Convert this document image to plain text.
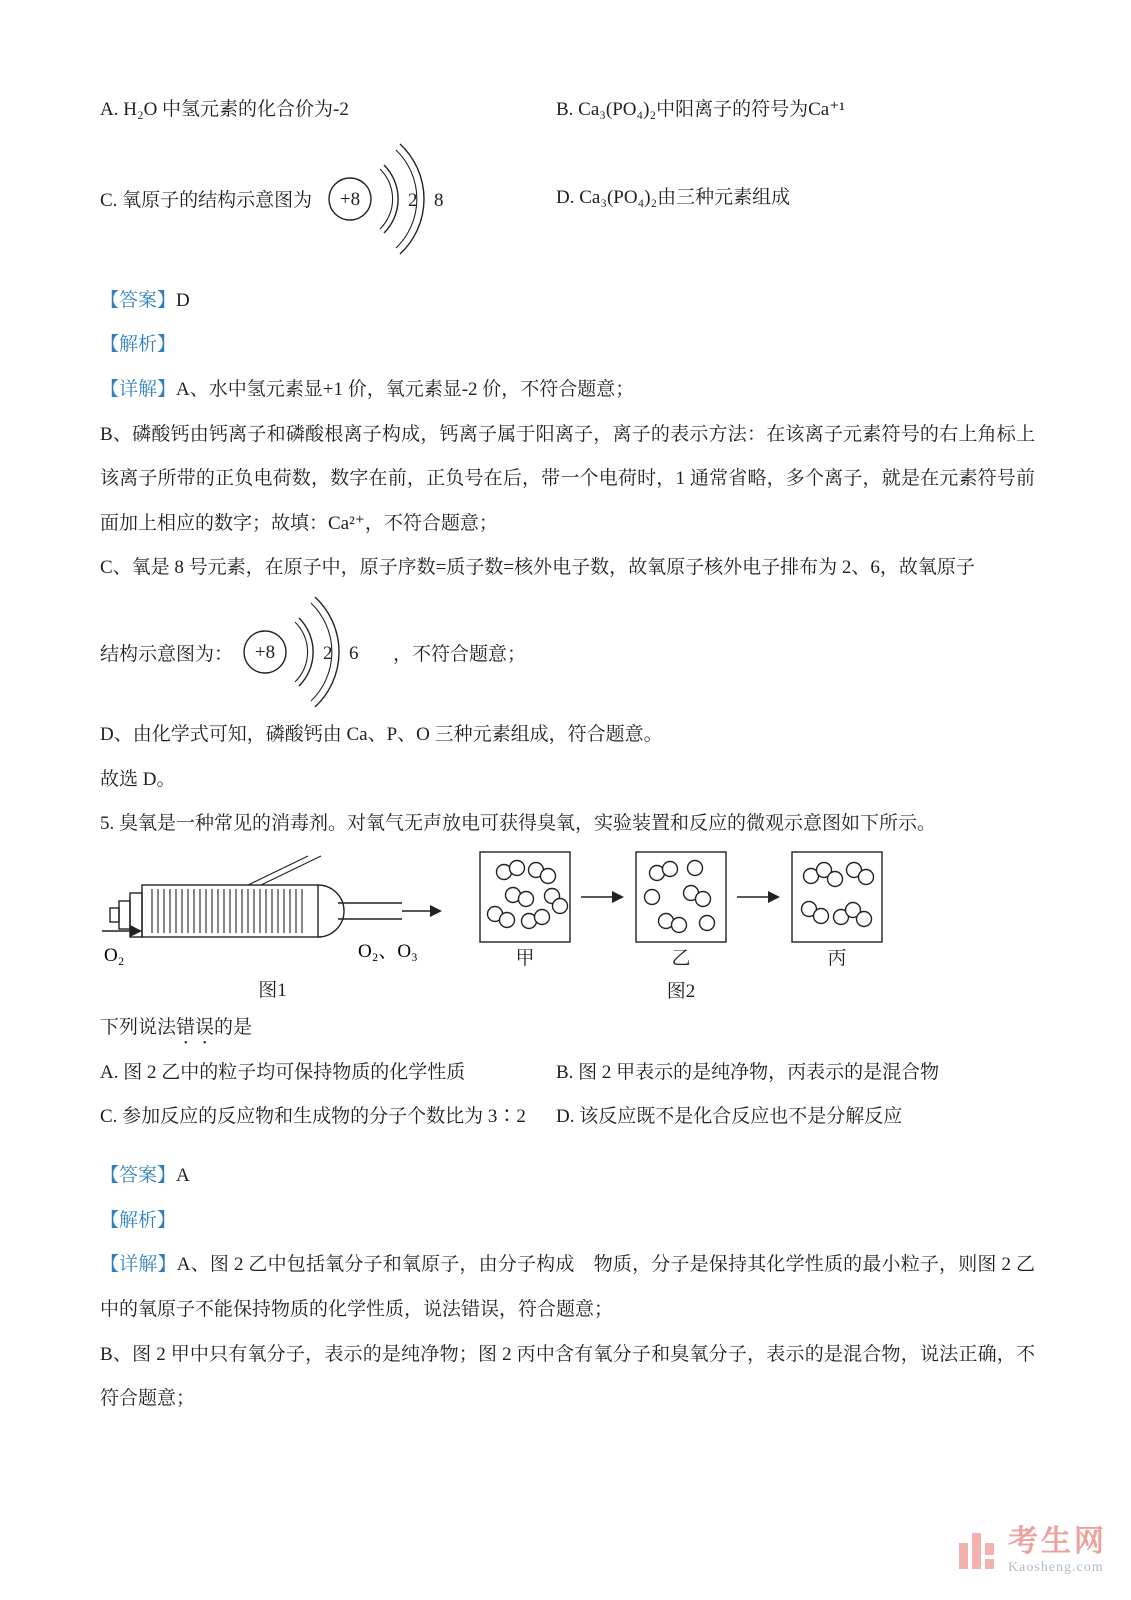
A. H₂O 中氢元素的化合价为-2	B. Ca₃(PO₄)₂中阳离子的符号为Ca⁺¹
C. 氧原子的结构示意图为 +8	2 8	D. Ca₃(PO₄)₂由三种元素组成
【答案】D
【解析】
【详解】A、水中氢元素显+1 价，氧元素显-2 价，不符合题意；
B、磷酸钙由钙离子和磷酸根离子构成，钙离子属于阳离子，离子的表示方法：在该离子元素符号的右上角标上该离子所带的正负电荷数，数字在前，正负号在后，带一个电荷时，1 通常省略，多个离子，就是在元素符号前面加上相应的数字；故填：Ca²⁺，不符合题意；
C、氧是 8 号元素，在原子中，原子序数=质子数=核外电子数，故氧原子核外电子排布为 2、6，故氧原子
结构示意图为： +8	2 6 ，不符合题意；
D、由化学式可知，磷酸钙由 Ca、P、O 三种元素组成，符合题意。
故选 D。
5. 臭氧是一种常见的消毒剂。对氧气无声放电可获得臭氧，实验装置和反应的微观示意图如下所示。
O₂	O₂、O₃
图1
甲	乙	丙
图2
下列说法错误的是
A. 图 2 乙中的粒子均可保持物质的化学性质	B. 图 2 甲表示的是纯净物，丙表示的是混合物
C. 参加反应的反应物和生成物的分子个数比为 3∶2	D. 该反应既不是化合反应也不是分解反应
【答案】A
【解析】
【详解】A、图 2 乙中包括氧分子和氧原子，由分子构成　物质，分子是保持其化学性质的最小粒子，则图 2 乙中的氧原子不能保持物质的化学性质，说法错误，符合题意；
B、图 2 甲中只有氧分子，表示的是纯净物；图 2 丙中含有氧分子和臭氧分子，表示的是混合物，说法正确，不符合题意；
考生网
Kaosheng.com
